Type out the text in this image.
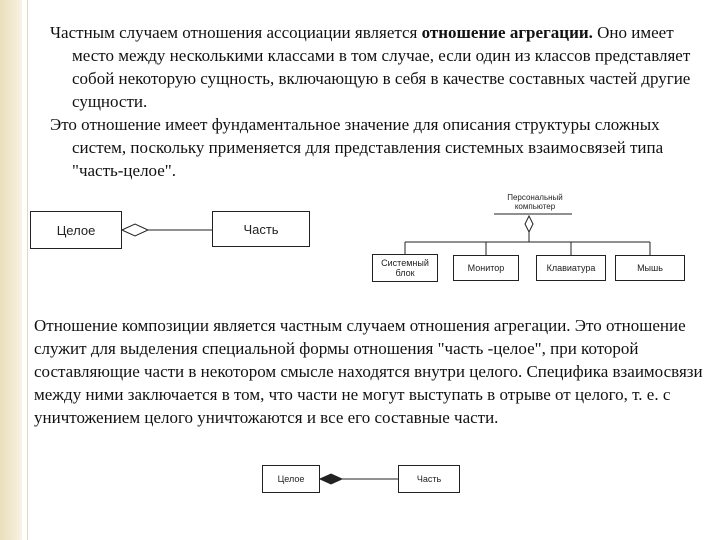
Частным случаем отношения ассоциации является отношение агрегации. Оно имеет место между несколькими классами в том случае, если один из классов представляет собой некоторую сущность, включающую в себя в качестве составных частей другие сущности.

Это отношение имеет фундаментальное значение для описания структуры сложных систем, поскольку применяется для представления системных взаимосвязей типа "часть-целое".

Целое	Часть
Персональный компьютер
Системный блок	Монитор	Клавиатура	Мышь

Отношение композиции является частным случаем отношения агрегации. Это отношение служит для выделения специальной формы отношения "часть -целое", при которой составляющие части в некотором смысле находятся внутри целого. Специфика взаимосвязи между ними заключается в том, что части не могут выступать в отрыве от целого, т. е. с уничтожением целого уничтожаются и все его составные части.

Целое	Часть
